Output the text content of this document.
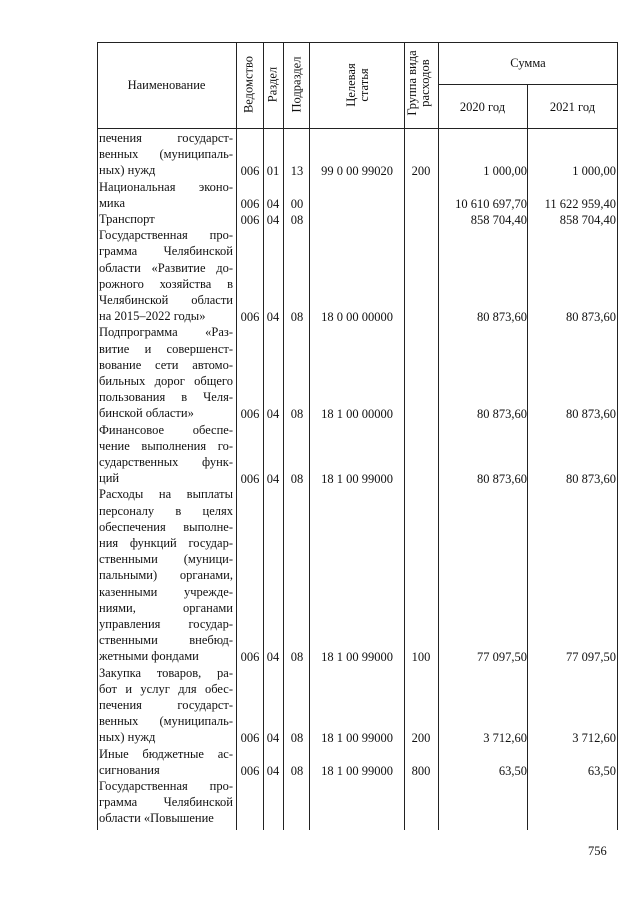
Наименование	Ведомство Раздел Подраздел	Целевая статья	Группа вида расходов	Сумма
2020 год	2021 год
печения государст-
венных (муниципаль-
ных) нужд	006 01 13	99 0 00 99020	200	1 000,00	1 000,00
Национальная эконо-
мика	006 04 00	10 610 697,70	11 622 959,40
Транспорт	006 04 08	858 704,40	858 704,40
Государственная про-
грамма Челябинской
области «Развитие до-
рожного хозяйства в
Челябинской области
на 2015–2022 годы»	006 04 08	18 0 00 00000	80 873,60	80 873,60
Подпрограмма «Раз-
витие и совершенст-
вование сети автомо-
бильных дорог общего
пользования в Челя-
бинской области»	006 04 08	18 1 00 00000	80 873,60	80 873,60
Финансовое обеспе-
чение выполнения го-
сударственных функ-
ций	006 04 08	18 1 00 99000	80 873,60	80 873,60
Расходы на выплаты
персоналу в целях
обеспечения выполне-
ния функций государ-
ственными (муници-
пальными) органами,
казенными учрежде-
ниями, органами
управления государ-
ственными внебюд-
жетными фондами	006 04 08	18 1 00 99000	100	77 097,50	77 097,50
Закупка товаров, ра-
бот и услуг для обес-
печения государст-
венных (муниципаль-
ных) нужд	006 04 08	18 1 00 99000	200	3 712,60	3 712,60
Иные бюджетные ас-
сигнования	006 04 08	18 1 00 99000	800	63,50	63,50
Государственная про-
грамма Челябинской
области «Повышение
756
